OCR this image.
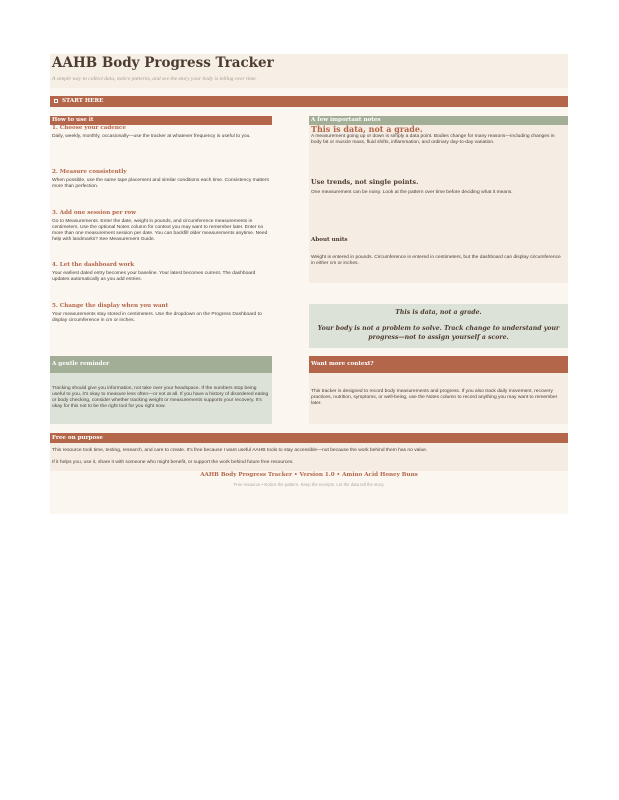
AAHB Body Progress Tracker
A simple way to collect data, notice patterns, and see the story your body is telling over time.
START HERE
How to use it
1. Choose your cadence
Daily, weekly, monthly, occasionally—use the tracker at whatever frequency is useful to you.
2. Measure consistently
When possible, use the same tape placement and similar conditions each time. Consistency matters more than perfection.
3. Add one session per row
Go to Measurements. Enter the date, weight in pounds, and circumference measurements in centimeters. Use the optional Notes column for context you may want to remember later. Enter no more than one measurement session per date. You can backfill older measurements anytime. Need help with landmarks? See Measurement Guide.
4. Let the dashboard work
Your earliest dated entry becomes your baseline. Your latest becomes current. The dashboard updates automatically as you add entries.
5. Change the display when you want
Your measurements stay stored in centimeters. Use the dropdown on the Progress Dashboard to display circumference in cm or inches.
A few important notes
This is data, not a grade.
A measurement going up or down is simply a data point. Bodies change for many reasons—including changes in body fat or muscle mass, fluid shifts, inflammation, and ordinary day-to-day variation.
Use trends, not single points.
One measurement can be noisy. Look at the pattern over time before deciding what it means.
About units
Weight is entered in pounds. Circumference is entered in centimeters, but the dashboard can display circumference in either cm or inches.
This is data, not a grade.
Your body is not a problem to solve. Track change to understand your progress—not to assign yourself a score.
A gentle reminder
Tracking should give you information, not take over your headspace. If the numbers stop being useful to you, it's okay to measure less often—or not at all. If you have a history of disordered eating or body checking, consider whether tracking weight or measurements supports your recovery. It's okay for this not to be the right tool for you right now.
Want more context?
This tracker is designed to record body measurements and progress. If you also track daily movement, recovery practices, nutrition, symptoms, or well-being, use the Notes column to record anything you may want to remember later.
Free on purpose
This resource took time, testing, research, and care to create. It's free because I want useful AAHB tools to stay accessible—not because the work behind them has no value.
If it helps you, use it, share it with someone who might benefit, or support the work behind future free resources.
AAHB Body Progress Tracker • Version 1.0 • Amino Acid Honey Buns
Free resource • Notice the pattern. Keep the receipts. Let the data tell the story.
